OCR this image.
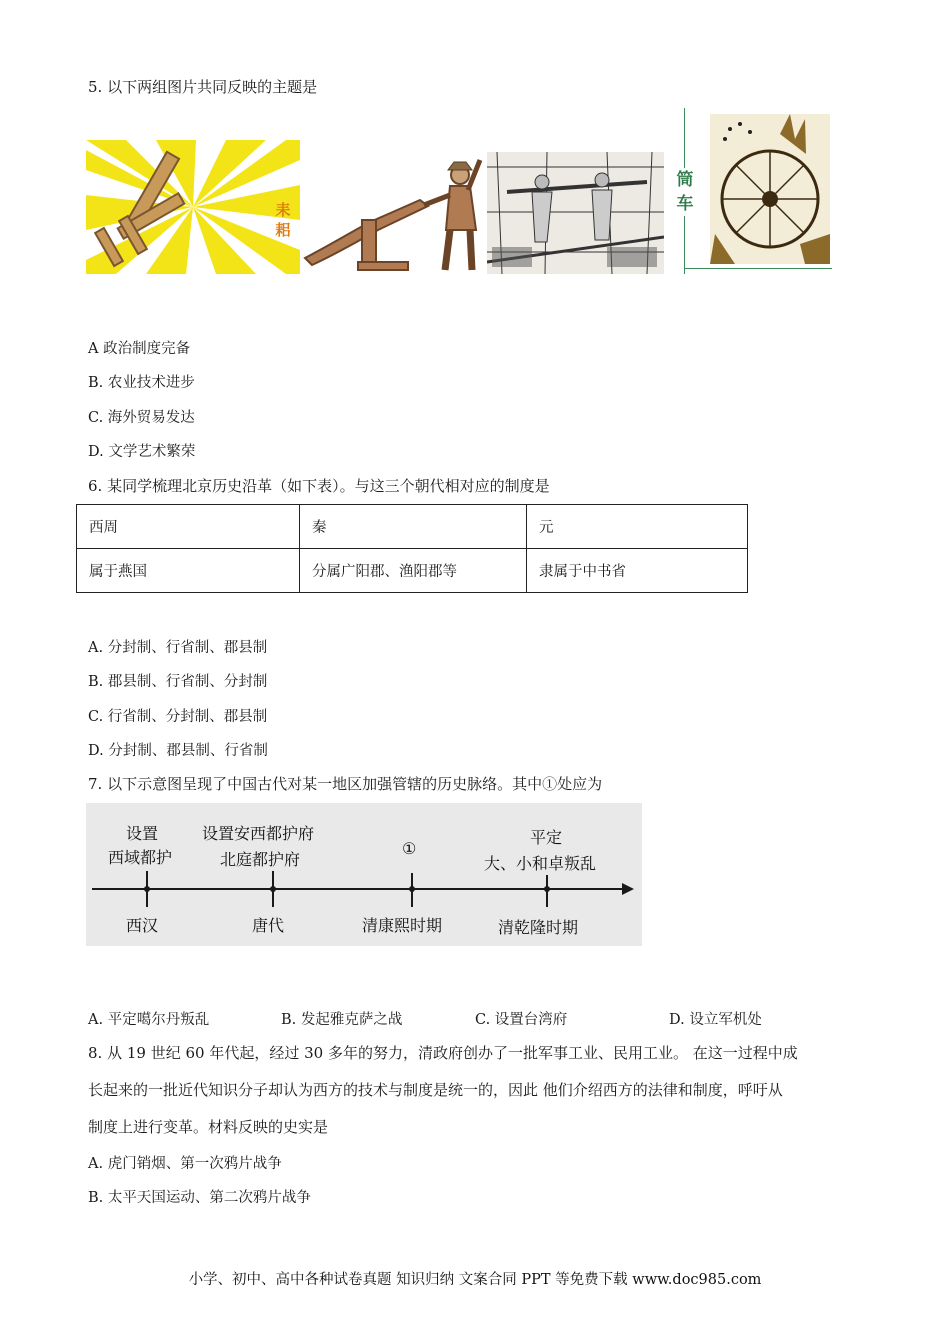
5. 以下两组图片共同反映的主题是
.
耒耜
筒车
A 政治制度完备
B. 农业技术进步
C. 海外贸易发达
D. 文学艺术繁荣
6. 某同学梳理北京历史沿革（如下表）。与这三个朝代相对应的制度是
西周	秦	元
属于燕国	分属广阳郡、渔阳郡等	隶属于中书省
A. 分封制、行省制、郡县制
B. 郡县制、行省制、分封制
C. 行省制、分封制、郡县制
D. 分封制、郡县制、行省制
7. 以下示意图呈现了中国古代对某一地区加强管辖的历史脉络。其中①处应为
设置
西域都护
西汉
设置安西都护府
北庭都护府
唐代
①
清康熙时期
平定
大、小和卓叛乱
清乾隆时期
A. 平定噶尔丹叛乱	B. 发起雅克萨之战	C. 设置台湾府	D. 设立军机处
8. 从 19 世纪 60 年代起，经过 30 多年的努力，清政府创办了一批军事工业、民用工业。 在这一过程中成
长起来的一批近代知识分子却认为西方的技术与制度是统一的，因此 他们介绍西方的法律和制度，呼吁从
制度上进行变革。材料反映的史实是
A. 虎门销烟、第一次鸦片战争
B. 太平天国运动、第二次鸦片战争
小学、初中、高中各种试卷真题 知识归纳 文案合同 PPT 等免费下载 www.doc985.com
